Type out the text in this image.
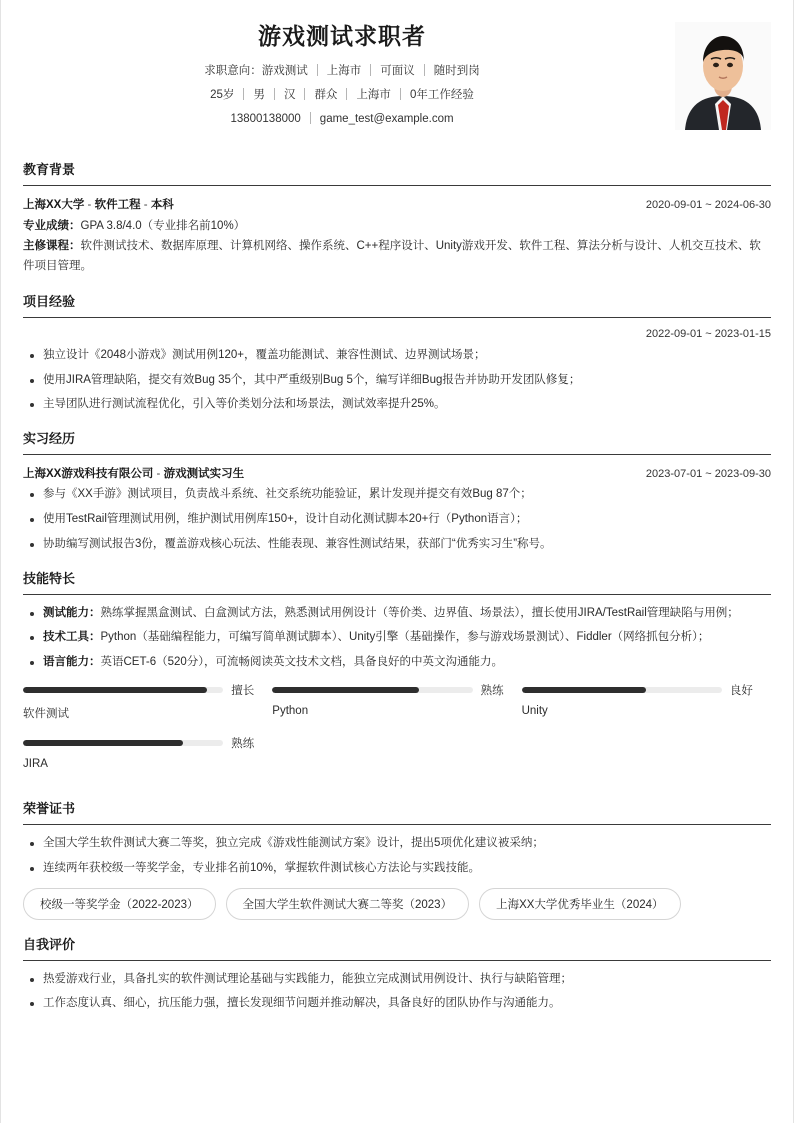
游戏测试求职者
求职意向：游戏测试 上海市 可面议 随时到岗
25岁 男 汉 群众 上海市 0年工作经验
13800138000 game_test@example.com
教育背景
上海XX大学 - 软件工程 - 本科	2020-09-01 ~ 2024-06-30
专业成绩：GPA 3.8/4.0（专业排名前10%）
主修课程：软件测试技术、数据库原理、计算机网络、操作系统、C++程序设计、Unity游戏开发、软件工程、算法分析与设计、人机交互技术、软件项目管理。
项目经验
2022-09-01 ~ 2023-01-15
独立设计《2048小游戏》测试用例120+，覆盖功能测试、兼容性测试、边界测试场景；
使用JIRA管理缺陷，提交有效Bug 35个，其中严重级别Bug 5个，编写详细Bug报告并协助开发团队修复；
主导团队进行测试流程优化，引入等价类划分法和场景法，测试效率提升25%。
实习经历
上海XX游戏科技有限公司 - 游戏测试实习生	2023-07-01 ~ 2023-09-30
参与《XX手游》测试项目，负责战斗系统、社交系统功能验证，累计发现并提交有效Bug 87个；
使用TestRail管理测试用例，维护测试用例库150+，设计自动化测试脚本20+行（Python语言）；
协助编写测试报告3份，覆盖游戏核心玩法、性能表现、兼容性测试结果，获部门“优秀实习生”称号。
技能特长
测试能力：熟练掌握黑盒测试、白盒测试方法，熟悉测试用例设计（等价类、边界值、场景法），擅长使用JIRA/TestRail管理缺陷与用例；
技术工具：Python（基础编程能力，可编写简单测试脚本）、Unity引擎（基础操作，参与游戏场景测试）、Fiddler（网络抓包分析）；
语言能力：英语CET-6（520分），可流畅阅读英文技术文档，具备良好的中英文沟通能力。
擅长
软件测试
熟练
Python
良好
Unity
熟练
JIRA
荣誉证书
全国大学生软件测试大赛二等奖，独立完成《游戏性能测试方案》设计，提出5项优化建议被采纳；
连续两年获校级一等奖学金，专业排名前10%，掌握软件测试核心方法论与实践技能。
校级一等奖学金（2022-2023）	全国大学生软件测试大赛二等奖（2023）	上海XX大学优秀毕业生（2024）
自我评价
热爱游戏行业，具备扎实的软件测试理论基础与实践能力，能独立完成测试用例设计、执行与缺陷管理；
工作态度认真、细心，抗压能力强，擅长发现细节问题并推动解决，具备良好的团队协作与沟通能力。
